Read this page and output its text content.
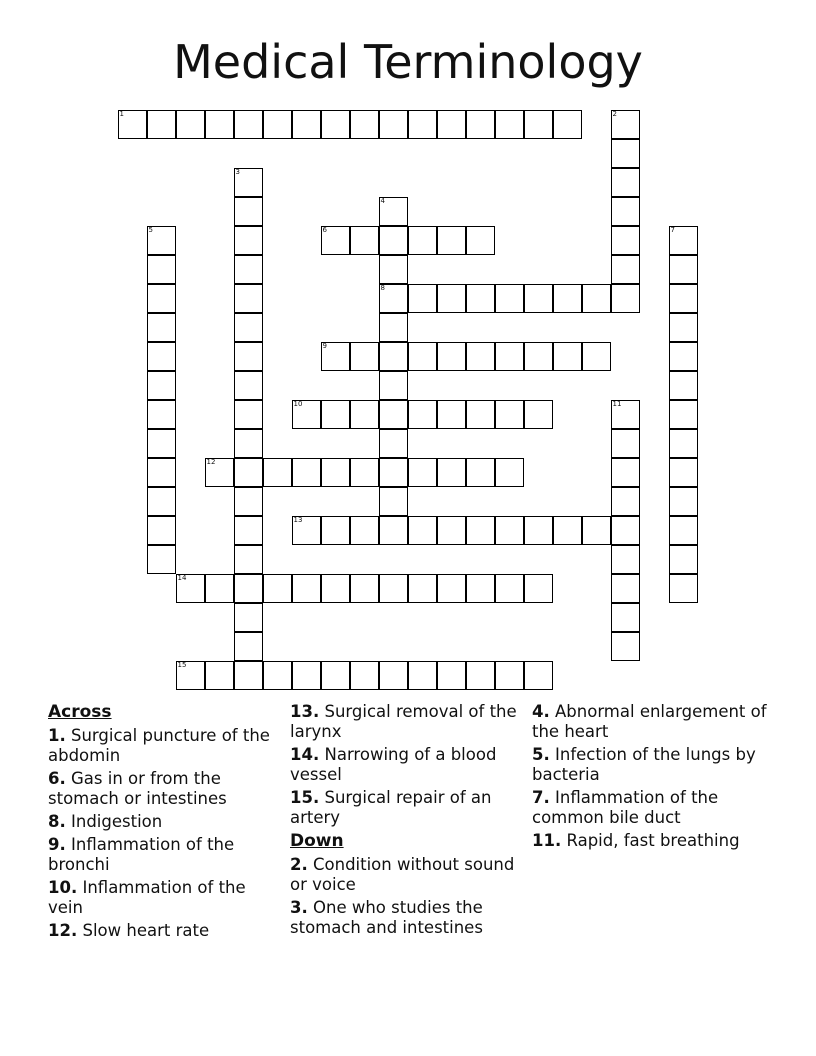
Medical Terminology
1	2
3
4
8
5	6	7
9
10	11
12
13
14
15
Across
1. Surgical puncture of the abdomin
6. Gas in or from the stomach or intestines
8. Indigestion
9. Inflammation of the bronchi
10. Inflammation of the vein
12. Slow heart rate
13. Surgical removal of the larynx
14. Narrowing of a blood vessel
15. Surgical repair of an artery
Down
2. Condition without sound or voice
3. One who studies the stomach and intestines
4. Abnormal enlargement of the heart
5. Infection of the lungs by bacteria
7. Inflammation of the common bile duct
11. Rapid, fast breathing
